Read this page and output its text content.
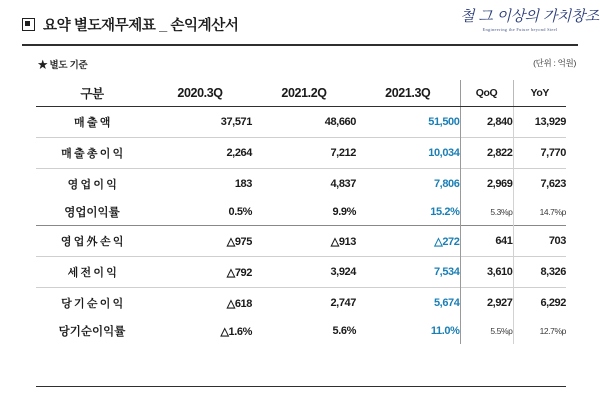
요약 별도재무제표 _ 손익계산서
철 그 이상의 가치창조
Engineering the Future beyond Steel
★ 별도 기준	(단위 : 억원)
구분	2020.3Q	2021.2Q	2021.3Q	QoQ	YoY
매 출 액	37,571	48,660	51,500	2,840	13,929
매 출 총 이 익	2,264	7,212	10,034	2,822	7,770
영 업 이 익	183	4,837	7,806	2,969	7,623
영업이익률	0.5%	9.9%	15.2%	5.3%p	14.7%p
영 업 外 손 익	△975	△913	△272	641	703
세 전 이 익	△792	3,924	7,534	3,610	8,326
당 기 순 이 익	△618	2,747	5,674	2,927	6,292
당기순이익률	△1.6%	5.6%	11.0%	5.5%p	12.7%p
